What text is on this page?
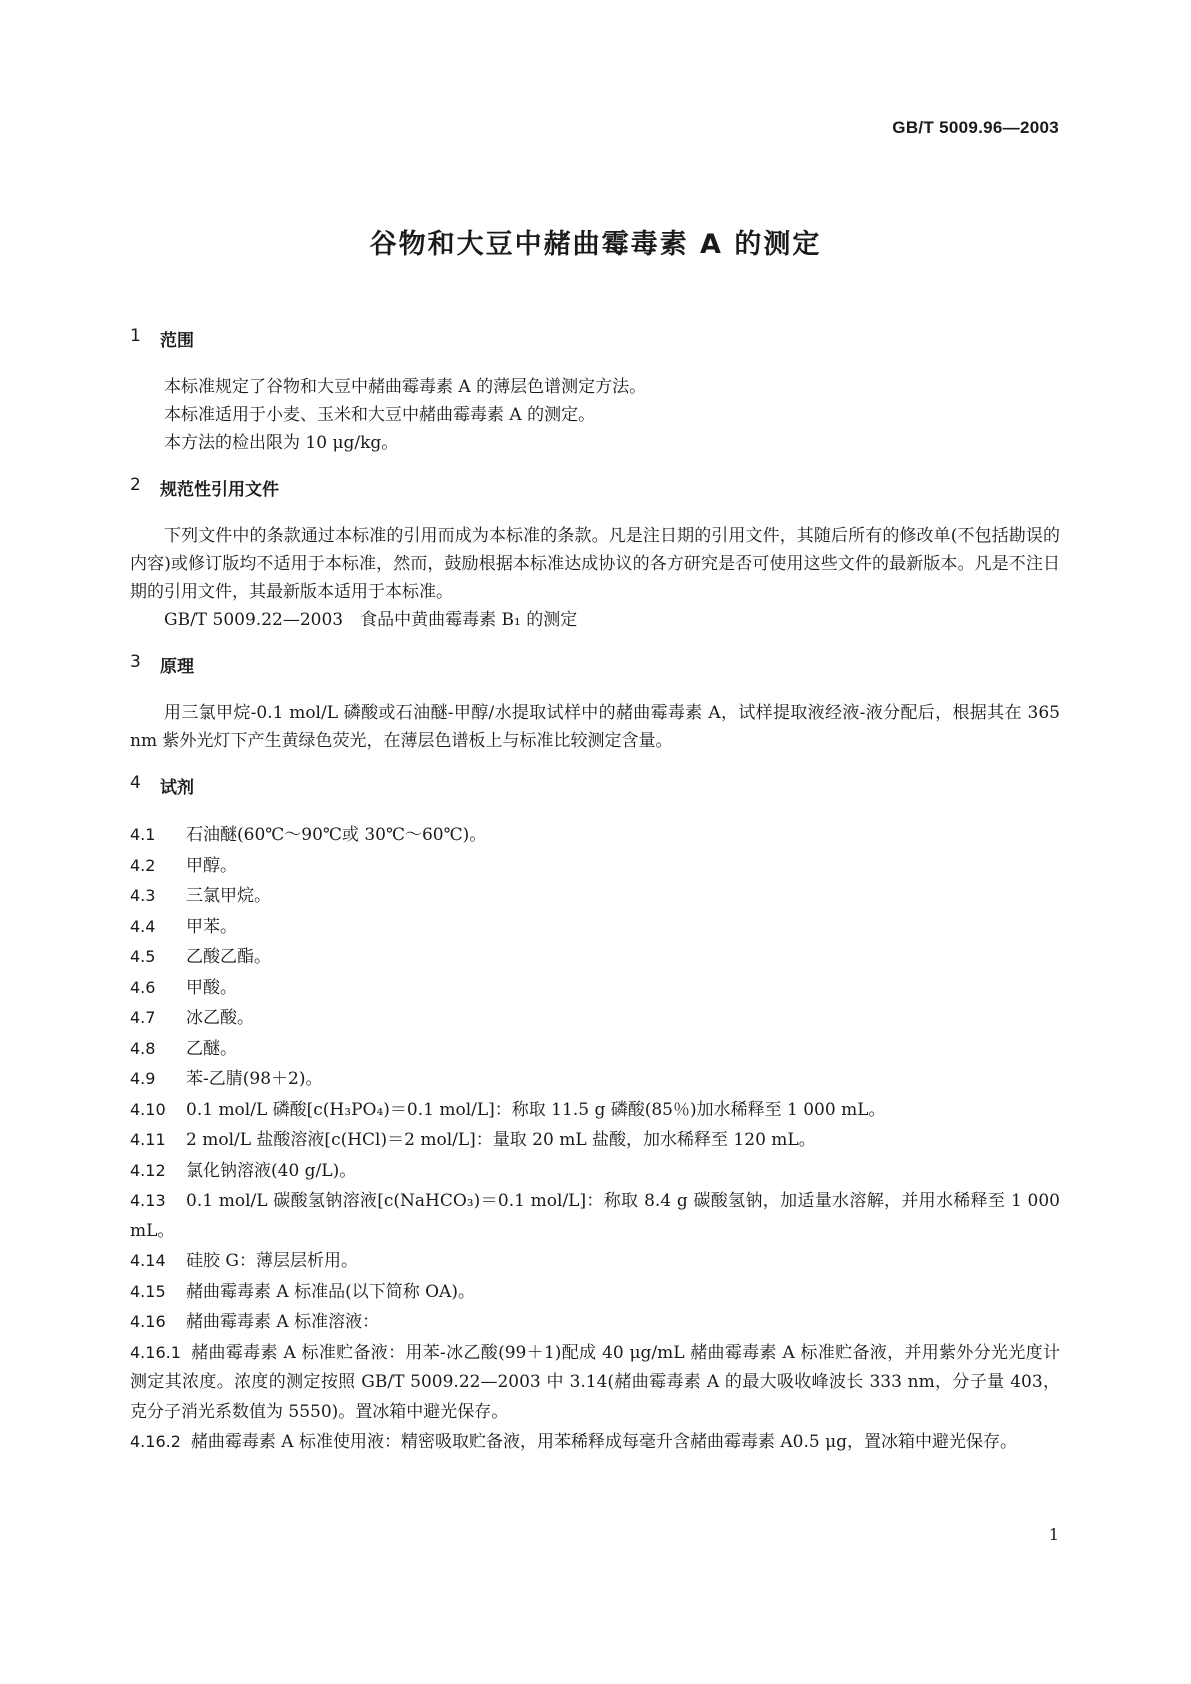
GB/T 5009.96—2003
谷物和大豆中赭曲霉毒素 A 的测定
1	范围

本标准规定了谷物和大豆中赭曲霉毒素 A 的薄层色谱测定方法。

本标准适用于小麦、玉米和大豆中赭曲霉毒素 A 的测定。

本方法的检出限为 10 μg/kg。

2	规范性引用文件

下列文件中的条款通过本标准的引用而成为本标准的条款。凡是注日期的引用文件，其随后所有的修改单(不包括勘误的内容)或修订版均不适用于本标准，然而，鼓励根据本标准达成协议的各方研究是否可使用这些文件的最新版本。凡是不注日期的引用文件，其最新版本适用于本标准。

GB/T 5009.22—2003　食品中黄曲霉毒素 B₁ 的测定

3	原理

用三氯甲烷-0.1 mol/L 磷酸或石油醚-甲醇/水提取试样中的赭曲霉毒素 A，试样提取液经液-液分配后，根据其在 365 nm 紫外光灯下产生黄绿色荧光，在薄层色谱板上与标准比较测定含量。

4	试剂
4.1 石油醚(60℃～90℃或 30℃～60℃)。
4.2 甲醇。
4.3 三氯甲烷。
4.4 甲苯。
4.5 乙酸乙酯。
4.6 甲酸。
4.7 冰乙酸。
4.8 乙醚。
4.9 苯-乙腈(98＋2)。
4.10 0.1 mol/L 磷酸[c(H₃PO₄)＝0.1 mol/L]：称取 11.5 g 磷酸(85％)加水稀释至 1 000 mL。
4.11 2 mol/L 盐酸溶液[c(HCl)＝2 mol/L]：量取 20 mL 盐酸，加水稀释至 120 mL。
4.12 氯化钠溶液(40 g/L)。
4.13 0.1 mol/L 碳酸氢钠溶液[c(NaHCO₃)＝0.1 mol/L]：称取 8.4 g 碳酸氢钠，加适量水溶解，并用水稀释至 1 000 mL。
4.14 硅胶 G：薄层层析用。
4.15 赭曲霉毒素 A 标准品(以下简称 OA)。
4.16 赭曲霉毒素 A 标准溶液：
4.16.1 赭曲霉毒素 A 标准贮备液：用苯-冰乙酸(99＋1)配成 40 μg/mL 赭曲霉毒素 A 标准贮备液，并用紫外分光光度计测定其浓度。浓度的测定按照 GB/T 5009.22—2003 中 3.14(赭曲霉毒素 A 的最大吸收峰波长 333 nm，分子量 403，克分子消光系数值为 5550)。置冰箱中避光保存。
4.16.2 赭曲霉毒素 A 标准使用液：精密吸取贮备液，用苯稀释成每毫升含赭曲霉毒素 A0.5 μg，置冰箱中避光保存。
1
